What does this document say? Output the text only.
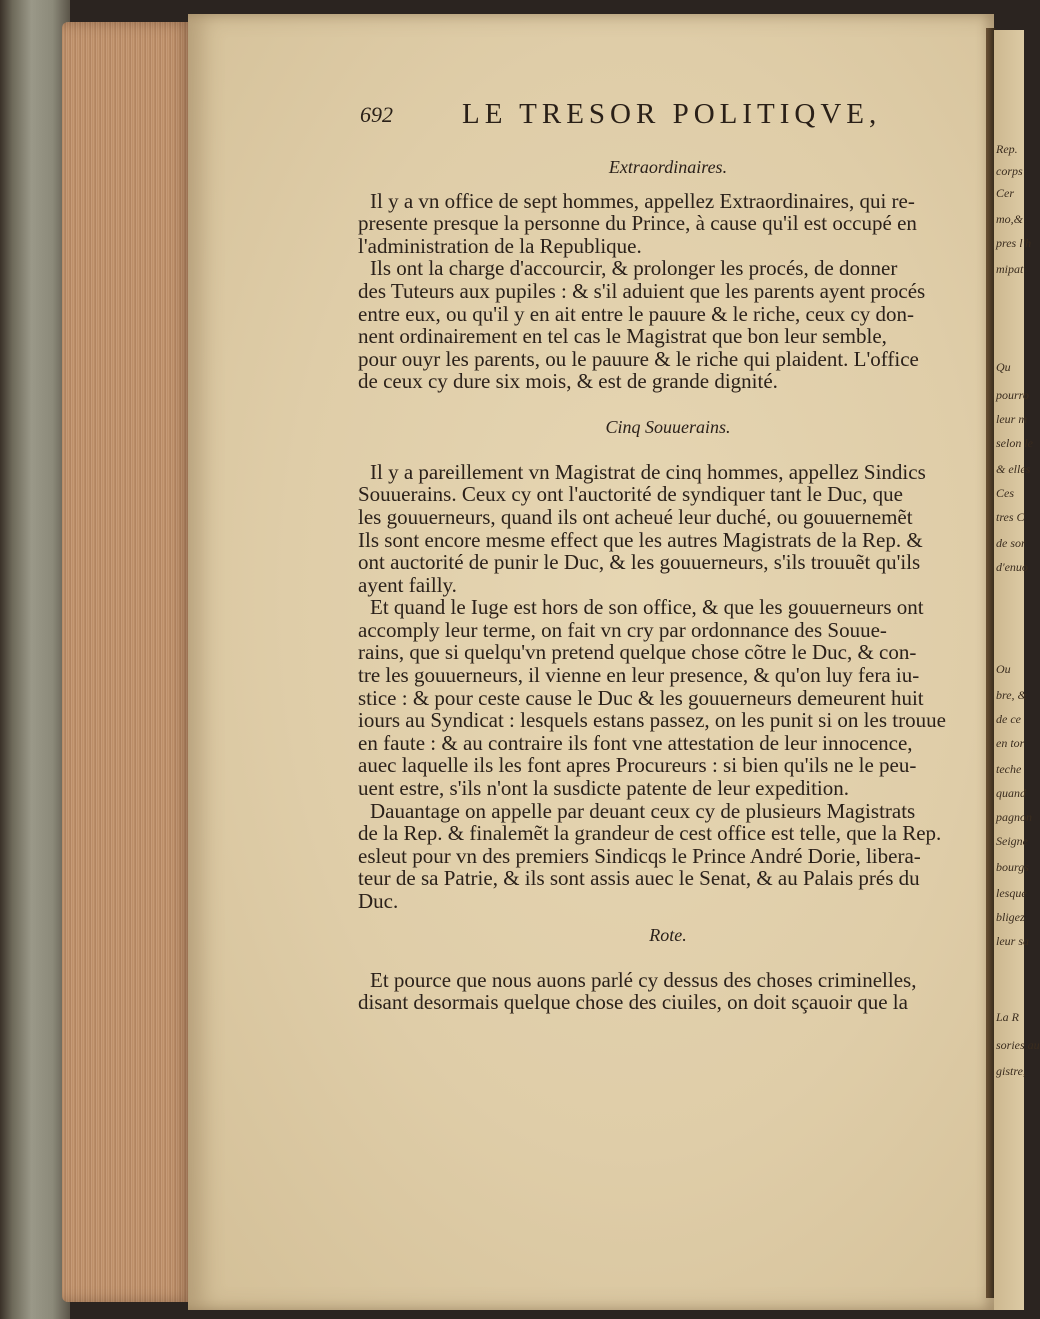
Rep.
corps
Cer
mo,&
pres l'h
mipat
Qu
pourro
leur m
selon le
& elles
Ces
tres C
de sor
d'enuo
Ou
bre, &
de ce
en tor
teche
quand
pagnon
Seigne
bourgs
lesque
bligez
leur sa
La R
sories au
gistre,
692 LE TRESOR POLITIQVE,
Extraordinaires.
Il y a vn office de sept hommes, appellez Extraordinaires, qui re-
presente presque la personne du Prince, à cause qu'il est occupé en
l'administration de la Republique.
Ils ont la charge d'accourcir, & prolonger les procés, de donner
des Tuteurs aux pupiles : & s'il aduient que les parents ayent procés
entre eux, ou qu'il y en ait entre le pauure & le riche, ceux cy don-
nent ordinairement en tel cas le Magistrat que bon leur semble,
pour ouyr les parents, ou le pauure & le riche qui plaident. L'office
de ceux cy dure six mois, & est de grande dignité.
Cinq Souuerains.
Il y a pareillement vn Magistrat de cinq hommes, appellez Sindics
Souuerains. Ceux cy ont l'auctorité de syndiquer tant le Duc, que
les gouuerneurs, quand ils ont acheué leur duché, ou gouuernemẽt
Ils sont encore mesme effect que les autres Magistrats de la Rep. &
ont auctorité de punir le Duc, & les gouuerneurs, s'ils trouuẽt qu'ils
ayent failly.
Et quand le Iuge est hors de son office, & que les gouuerneurs ont
accomply leur terme, on fait vn cry par ordonnance des Souue-
rains, que si quelqu'vn pretend quelque chose cõtre le Duc, & con-
tre les gouuerneurs, il vienne en leur presence, & qu'on luy fera iu-
stice : & pour ceste cause le Duc & les gouuerneurs demeurent huit
iours au Syndicat : lesquels estans passez, on les punit si on les trouue
en faute : & au contraire ils font vne attestation de leur innocence,
auec laquelle ils les font apres Procureurs : si bien qu'ils ne le peu-
uent estre, s'ils n'ont la susdicte patente de leur expedition.
Dauantage on appelle par deuant ceux cy de plusieurs Magistrats
de la Rep. & finalemẽt la grandeur de cest office est telle, que la Rep.
esleut pour vn des premiers Sindicqs le Prince André Dorie, libera-
teur de sa Patrie, & ils sont assis auec le Senat, & au Palais prés du
Duc.
Rote.
Et pource que nous auons parlé cy dessus des choses criminelles,
disant desormais quelque chose des ciuiles, on doit sçauoir que la
